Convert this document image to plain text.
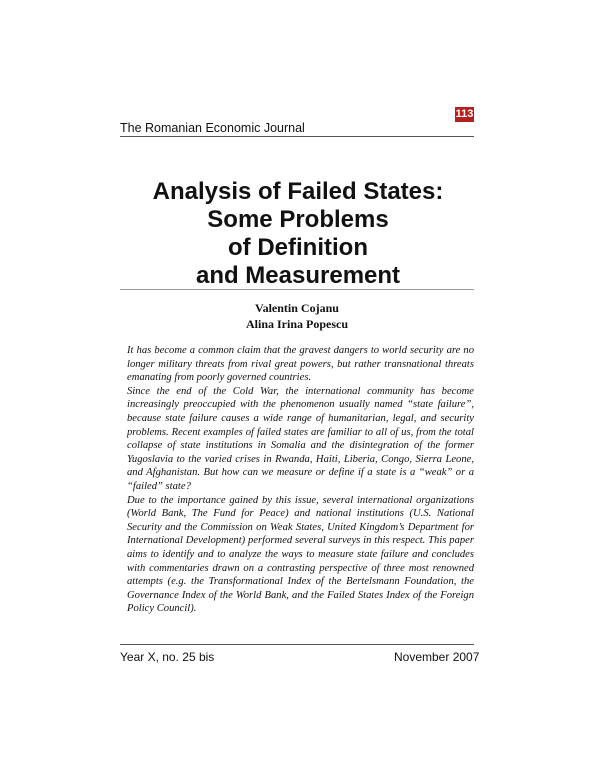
113
The Romanian Economic Journal
Analysis of Failed States:
Some Problems
of Definition
and Measurement
Valentin Cojanu
Alina Irina Popescu

It has become a common claim that the gravest dangers to world security are no longer military threats from rival great powers, but rather transnational threats emanating from poorly governed countries.

Since the end of the Cold War, the international community has become increasingly preoccupied with the phenomenon usually named “state failure”, because state failure causes a wide range of humanitarian, legal, and security problems. Recent examples of failed states are familiar to all of us, from the total collapse of state institutions in Somalia and the disintegration of the former Yugoslavia to the varied crises in Rwanda, Haiti, Liberia, Congo, Sierra Leone, and Afghanistan. But how can we measure or define if a state is a “weak” or a “failed” state?

Due to the importance gained by this issue, several international organizations (World Bank, The Fund for Peace) and national institutions (U.S. National Security and the Commission on Weak States, United Kingdom’s Department for International Development) performed several surveys in this respect. This paper aims to identify and to analyze the ways to measure state failure and concludes with commentaries drawn on a contrasting perspective of three most renowned attempts (e.g. the Transformational Index of the Bertelsmann Foundation, the Governance Index of the World Bank, and the Failed States Index of the Foreign Policy Council).

Year X, no. 25 bis	November 2007
